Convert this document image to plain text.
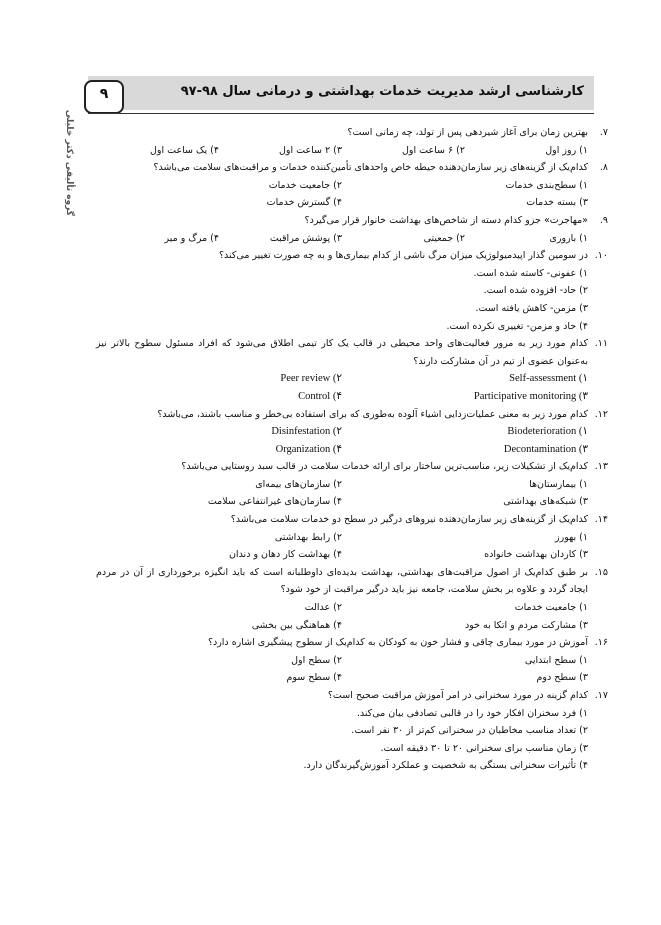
کارشناسی ارشد مدیریت خدمات بهداشتی و درمانی سال ۹۸-۹۷
۹
گروه تألیفی دکتر خلیلی	۷.
بهترین زمان برای آغاز شیردهی پس از تولد، چه زمانی است؟
۱) روز اول
۲) ۶ ساعت اول
۳) ۲ ساعت اول
۴) یک ساعت اول
۸.
کدام‌یک از گزینه‌های زیر سازمان‌دهنده حیطه خاص واحدهای تأمین‌کننده خدمات و مراقبت‌های سلامت می‌باشد؟
۱) سطح‌بندی خدمات
۲) جامعیت خدمات
۳) بسته خدمات
۴) گسترش خدمات
۹.
«مهاجرت» جزو کدام دسته از شاخص‌های بهداشت خانوار قرار می‌گیرد؟
۱) باروری
۲) جمعیتی
۳) پوشش مراقبت
۴) مرگ و میر
۱۰.
در سومین گذار اپیدمیولوژیک میزان مرگ ناشی از کدام بیماری‌ها و به چه صورت تغییر می‌کند؟
۱) عفونی- کاسته شده است.
۲) حاد- افزوده شده است.
۳) مزمن- کاهش یافته است.
۴) حاد و مزمن- تغییری نکرده است.
۱۱.
کدام مورد زیر به مرور فعالیت‌های واحد محیطی در قالب یک کار تیمی اطلاق می‌شود که افراد مسئول سطوح بالاتر نیز به‌عنوان عضوی از تیم در آن مشارکت دارند؟
۱) Self-assessment
۲) Peer review
۳) Participative monitoring
۴) Control
۱۲.
کدام مورد زیر به معنی عملیات‌زدایی اشیاء آلوده به‌طوری که برای استفاده بی‌خطر و مناسب باشند، می‌باشد؟
۱) Biodeterioration
۲) Disinfestation
۳) Decontamination
۴) Organization
۱۳.
کدام‌یک از تشکیلات زیر، مناسب‌ترین ساختار برای ارائه خدمات سلامت در قالب سبد روستایی می‌باشد؟
۱) بیمارستان‌ها
۲) سازمان‌های بیمه‌ای
۳) شبکه‌های بهداشتی
۴) سازمان‌های غیرانتفاعی سلامت
۱۴.
کدام‌یک از گزینه‌های زیر سازمان‌دهنده نیروهای درگیر در سطح دو خدمات سلامت می‌باشد؟
۱) بهورز
۲) رابط بهداشتی
۳) کاردان بهداشت خانواده
۴) بهداشت کار دهان و دندان
۱۵.
بر طبق کدام‌یک از اصول مراقبت‌های بهداشتی، بهداشت بدیده‌ای داوطلبانه است که باید انگیزه برخورداری از آن در مردم ایجاد گردد و علاوه بر بخش سلامت، جامعه نیز باید درگیر مراقبت از خود شود؟
۱) جامعیت خدمات
۲) عدالت
۳) مشارکت مردم و اتکا به خود
۴) هماهنگی بین بخشی
۱۶.
آموزش در مورد بیماری چاقی و فشار خون به کودکان به کدام‌یک از سطوح پیشگیری اشاره دارد؟
۱) سطح ابتدایی
۲) سطح اول
۳) سطح دوم
۴) سطح سوم
۱۷.
کدام گزینه در مورد سخنرانی در امر آموزش مراقبت صحیح است؟
۱) فرد سخنران افکار خود را در قالبی تصادفی بیان می‌کند.
۲) تعداد مناسب مخاطبان در سخنرانی کم‌تر از ۳۰ نفر است.
۳) زمان مناسب برای سخنرانی ۲۰ تا ۳۰ دقیقه است.
۴) تأثیرات سخنرانی بستگی به شخصیت و عملکرد آموزش‌گیرندگان دارد.
